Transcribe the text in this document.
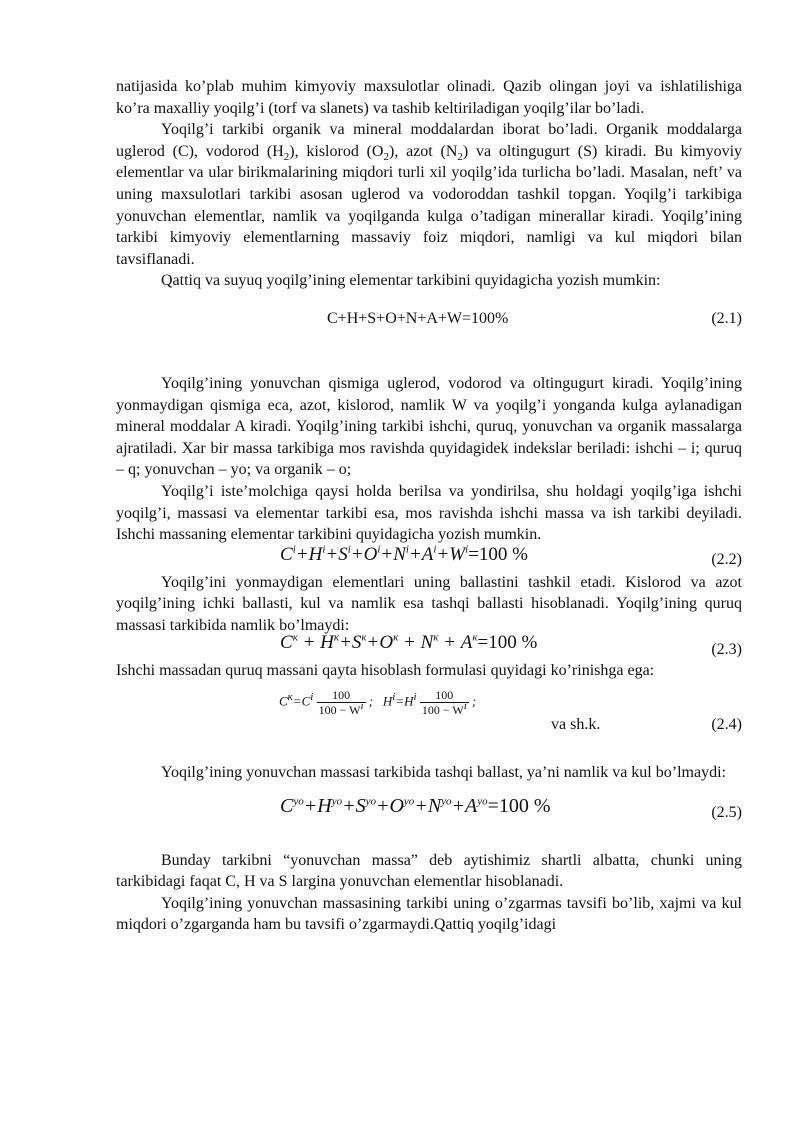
natijasida ko’plab muhim kimyoviy maxsulotlar olinadi. Qazib olingan joyi va ishlatilishiga ko’ra maxalliy yoqilg’i (torf va slanets) va tashib keltiriladigan yoqilg’ilar bo’ladi.

Yoqilg’i tarkibi organik va mineral moddalardan iborat bo’ladi. Organik moddalarga uglerod (C), vodorod $(H_2)$, kislorod $(O_2)$, azot $(N_2)$ va oltingugurt (S) kiradi. Bu kimyoviy elementlar va ular birikmalarining miqdori turli xil yoqilg’ida turlicha bo’ladi. Masalan, neft’ va uning maxsulotlari tarkibi asosan uglerod va vodoroddan tashkil topgan. Yoqilg’i tarkibiga yonuvchan elementlar, namlik va yoqilganda kulga o’tadigan minerallar kiradi. Yoqilg’ining tarkibi kimyoviy elementlarning massaviy foiz miqdori, namligi va kul miqdori bilan tavsiflanadi.

Qattiq va suyuq yoqilg’ining elementar tarkibini quyidagicha yozish mumkin:

C+H+S+O+N+A+W=100%	(2.1)

Yoqilg’ining yonuvchan qismiga uglerod, vodorod va oltingugurt kiradi. Yoqilg’ining yonmaydigan qismiga eca, azot, kislorod, namlik W va yoqilg’i yonganda kulga aylanadigan mineral moddalar A kiradi. Yoqilg’ining tarkibi ishchi, quruq, yonuvchan va organik massalarga ajratiladi. Xar bir massa tarkibiga mos ravishda quyidagidek indekslar beriladi: ishchi – i; quruq – q; yonuvchan – yo; va organik – o;

Yoqilg’i iste’molchiga qaysi holda berilsa va yondirilsa, shu holdagi yoqilg’iga ishchi yoqilg’i, massasi va elementar tarkibi esa, mos ravishda ishchi massa va ish tarkibi deyiladi. Ishchi massaning elementar tarkibini quyidagicha yozish mumkin.

$C^i+H^i+S^i+O^i+N^i+A^i+W^i=100$ %	(2.2)

Yoqilg’ini yonmaydigan elementlari uning ballastini tashkil etadi. Kislorod va azot yoqilg’ining ichki ballasti, kul va namlik esa tashqi ballasti hisoblanadi. Yoqilg’ining quruq massasi tarkibida namlik bo’lmaydi:

$C^к + H^к+S^к+O^к + N^к + A^к=100$ %	(2.3)

Ishchi massadan quruq massani qayta hisoblash formulasi quyidagi ko’rinishga ega:

$C^к=C^i \frac{100}{100 - W^i}$ ; $H^i=H^i \frac{100}{100 - W^i}$ ;
va sh.k.	(2.4)

Yoqilg’ining yonuvchan massasi tarkibida tashqi ballast, ya’ni namlik va kul bo’lmaydi:

$C^{yo}+H^{yo}+S^{yo}+O^{yo}+N^{yo}+A^{yo}=100$ %	(2.5)

Bunday tarkibni “yonuvchan massa” deb aytishimiz shartli albatta, chunki uning tarkibidagi faqat C, H va S largina yonuvchan elementlar hisoblanadi.

Yoqilg’ining yonuvchan massasining tarkibi uning o’zgarmas tavsifi bo’lib, xajmi va kul miqdori o’zgarganda ham bu tavsifi o’zgarmaydi.Qattiq yoqilg’idagi
